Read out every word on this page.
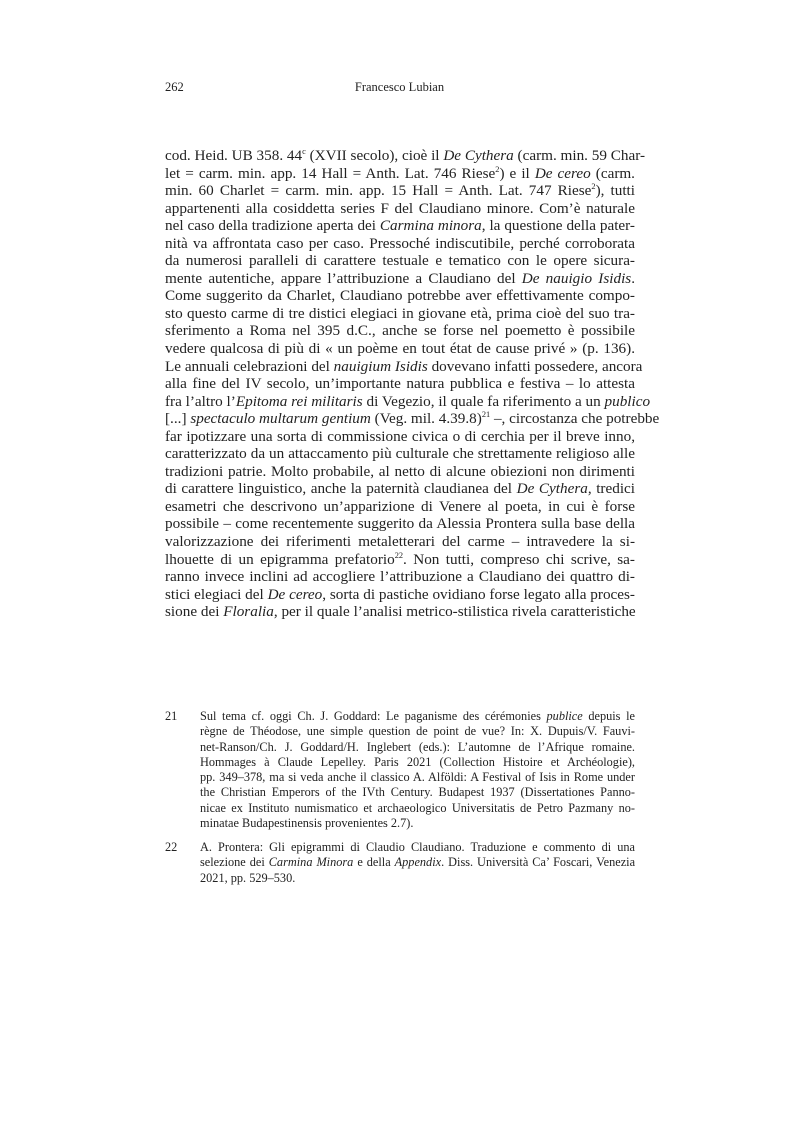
262	Francesco Lubian
cod. Heid. UB 358. 44$^c$ (XVII secolo), cioè il De Cythera (carm. min. 59 Char-
let = carm. min. app. 14 Hall = Anth. Lat. 746 Riese$^2$) e il De cereo (carm.
min. 60 Charlet = carm. min. app. 15 Hall = Anth. Lat. 747 Riese$^2$), tutti
appartenenti alla cosiddetta series F del Claudiano minore. Com’è naturale
nel caso della tradizione aperta dei Carmina minora, la questione della pater-
nità va affrontata caso per caso. Pressoché indiscutibile, perché corroborata
da numerosi paralleli di carattere testuale e tematico con le opere sicura-
mente autentiche, appare l’attribuzione a Claudiano del De nauigio Isidis.
Come suggerito da Charlet, Claudiano potrebbe aver effettivamente compo-
sto questo carme di tre distici elegiaci in giovane età, prima cioè del suo tra-
sferimento a Roma nel 395 d.C., anche se forse nel poemetto è possibile
vedere qualcosa di più di « un poème en tout état de cause privé » (p. 136).
Le annuali celebrazioni del nauigium Isidis dovevano infatti possedere, ancora
alla fine del IV secolo, un’importante natura pubblica e festiva – lo attesta
fra l’altro l’Epitoma rei militaris di Vegezio, il quale fa riferimento a un publico
[...] spectaculo multarum gentium (Veg. mil. 4.39.8)$^{21}$ –, circostanza che potrebbe
far ipotizzare una sorta di commissione civica o di cerchia per il breve inno,
caratterizzato da un attaccamento più culturale che strettamente religioso alle
tradizioni patrie. Molto probabile, al netto di alcune obiezioni non dirimenti
di carattere linguistico, anche la paternità claudianea del De Cythera, tredici
esametri che descrivono un’apparizione di Venere al poeta, in cui è forse
possibile – come recentemente suggerito da Alessia Prontera sulla base della
valorizzazione dei riferimenti metaletterari del carme – intravedere la si-
lhouette di un epigramma prefatorio$^{22}$. Non tutti, compreso chi scrive, sa-
ranno invece inclini ad accogliere l’attribuzione a Claudiano dei quattro di-
stici elegiaci del De cereo, sorta di pastiche ovidiano forse legato alla proces-
sione dei Floralia, per il quale l’analisi metrico-stilistica rivela caratteristiche
21 Sul tema cf. oggi Ch. J. Goddard: Le paganisme des cérémonies publice depuis le
règne de Théodose, une simple question de point de vue? In: X. Dupuis/V. Fauvi-
net-Ranson/Ch. J. Goddard/H. Inglebert (eds.): L’automne de l’Afrique romaine.
Hommages à Claude Lepelley. Paris 2021 (Collection Histoire et Archéologie),
pp. 349–378, ma si veda anche il classico A. Alföldi: A Festival of Isis in Rome under
the Christian Emperors of the IVth Century. Budapest 1937 (Dissertationes Panno-
nicae ex Instituto numismatico et archaeologico Universitatis de Petro Pazmany no-
minatae Budapestinensis provenientes 2.7).
22 A. Prontera: Gli epigrammi di Claudio Claudiano. Traduzione e commento di una
selezione dei Carmina Minora e della Appendix. Diss. Università Ca’ Foscari, Venezia
2021, pp. 529–530.
